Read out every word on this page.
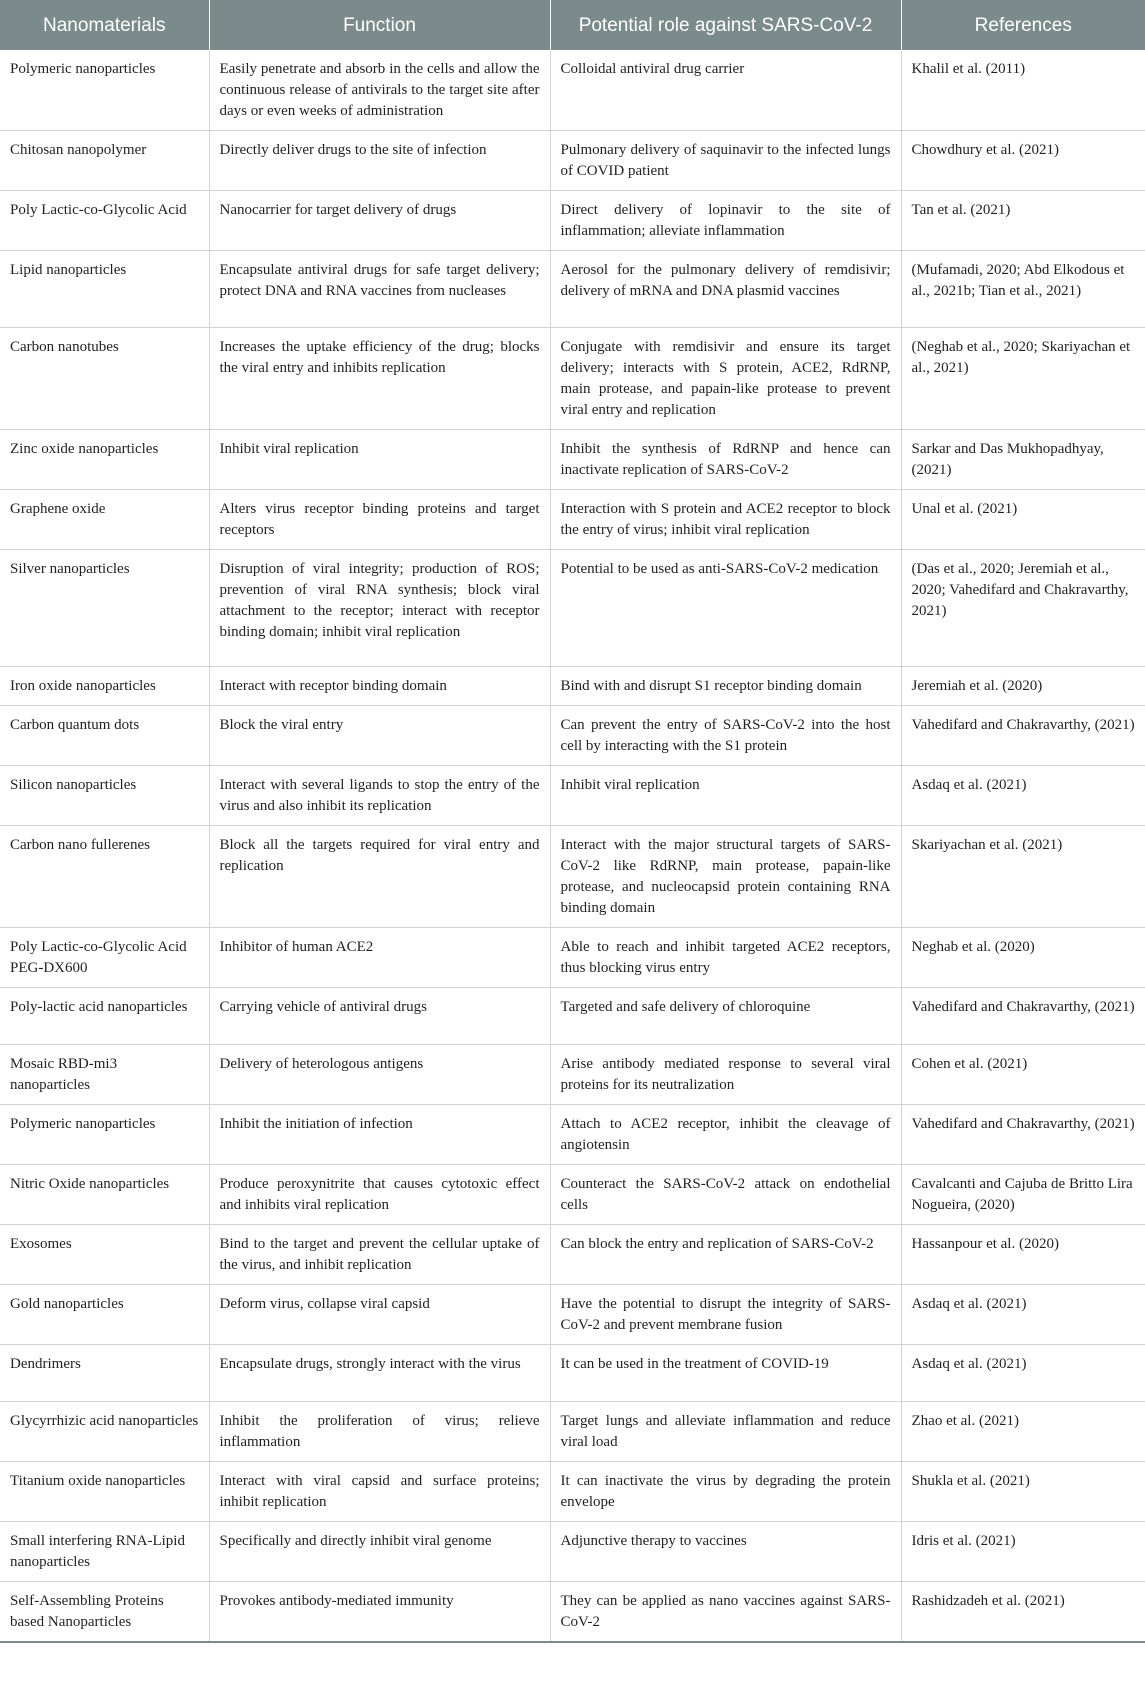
Nanomaterials	Function	Potential role against SARS-CoV-2	References
Polymeric nanoparticles	Easily penetrate and absorb in the cells and allow the continuous release of antivirals to the target site after days or even weeks of administration	Colloidal antiviral drug carrier	Khalil et al. (2011)
Chitosan nanopolymer	Directly deliver drugs to the site of infection	Pulmonary delivery of saquinavir to the infected lungs of COVID patient	Chowdhury et al. (2021)
Poly Lactic-co-Glycolic Acid	Nanocarrier for target delivery of drugs	Direct delivery of lopinavir to the site of inflammation; alleviate inflammation	Tan et al. (2021)
Lipid nanoparticles	Encapsulate antiviral drugs for safe target delivery; protect DNA and RNA vaccines from nucleases	Aerosol for the pulmonary delivery of remdisivir; delivery of mRNA and DNA plasmid vaccines	(Mufamadi, 2020; Abd Elkodous et al., 2021b; Tian et al., 2021)
Carbon nanotubes	Increases the uptake efficiency of the drug; blocks the viral entry and inhibits replication	Conjugate with remdisivir and ensure its target delivery; interacts with S protein, ACE2, RdRNP, main protease, and papain-like protease to prevent viral entry and replication	(Neghab et al., 2020; Skariyachan et al., 2021)
Zinc oxide nanoparticles	Inhibit viral replication	Inhibit the synthesis of RdRNP and hence can inactivate replication of SARS-CoV-2	Sarkar and Das Mukhopadhyay, (2021)
Graphene oxide	Alters virus receptor binding proteins and target receptors	Interaction with S protein and ACE2 receptor to block the entry of virus; inhibit viral replication	Unal et al. (2021)
Silver nanoparticles	Disruption of viral integrity; production of ROS; prevention of viral RNA synthesis; block viral attachment to the receptor; interact with receptor binding domain; inhibit viral replication	Potential to be used as anti-SARS-CoV-2 medication	(Das et al., 2020; Jeremiah et al., 2020; Vahedifard and Chakravarthy, 2021)
Iron oxide nanoparticles	Interact with receptor binding domain	Bind with and disrupt S1 receptor binding domain	Jeremiah et al. (2020)
Carbon quantum dots	Block the viral entry	Can prevent the entry of SARS-CoV-2 into the host cell by interacting with the S1 protein	Vahedifard and Chakravarthy, (2021)
Silicon nanoparticles	Interact with several ligands to stop the entry of the virus and also inhibit its replication	Inhibit viral replication	Asdaq et al. (2021)
Carbon nano fullerenes	Block all the targets required for viral entry and replication	Interact with the major structural targets of SARS-CoV-2 like RdRNP, main protease, papain-like protease, and nucleocapsid protein containing RNA binding domain	Skariyachan et al. (2021)
Poly Lactic-co-Glycolic Acid PEG-DX600	Inhibitor of human ACE2	Able to reach and inhibit targeted ACE2 receptors, thus blocking virus entry	Neghab et al. (2020)
Poly-lactic acid nanoparticles	Carrying vehicle of antiviral drugs	Targeted and safe delivery of chloroquine	Vahedifard and Chakravarthy, (2021)
Mosaic RBD-mi3 nanoparticles	Delivery of heterologous antigens	Arise antibody mediated response to several viral proteins for its neutralization	Cohen et al. (2021)
Polymeric nanoparticles	Inhibit the initiation of infection	Attach to ACE2 receptor, inhibit the cleavage of angiotensin	Vahedifard and Chakravarthy, (2021)
Nitric Oxide nanoparticles	Produce peroxynitrite that causes cytotoxic effect and inhibits viral replication	Counteract the SARS-CoV-2 attack on endothelial cells	Cavalcanti and Cajuba de Britto Lira Nogueira, (2020)
Exosomes	Bind to the target and prevent the cellular uptake of the virus, and inhibit replication	Can block the entry and replication of SARS-CoV-2	Hassanpour et al. (2020)
Gold nanoparticles	Deform virus, collapse viral capsid	Have the potential to disrupt the integrity of SARS-CoV-2 and prevent membrane fusion	Asdaq et al. (2021)
Dendrimers	Encapsulate drugs, strongly interact with the virus	It can be used in the treatment of COVID-19	Asdaq et al. (2021)
Glycyrrhizic acid nanoparticles	Inhibit the proliferation of virus; relieve inflammation	Target lungs and alleviate inflammation and reduce viral load	Zhao et al. (2021)
Titanium oxide nanoparticles	Interact with viral capsid and surface proteins; inhibit replication	It can inactivate the virus by degrading the protein envelope	Shukla et al. (2021)
Small interfering RNA-Lipid nanoparticles	Specifically and directly inhibit viral genome	Adjunctive therapy to vaccines	Idris et al. (2021)
Self-Assembling Proteins based Nanoparticles	Provokes antibody-mediated immunity	They can be applied as nano vaccines against SARS-CoV-2	Rashidzadeh et al. (2021)
